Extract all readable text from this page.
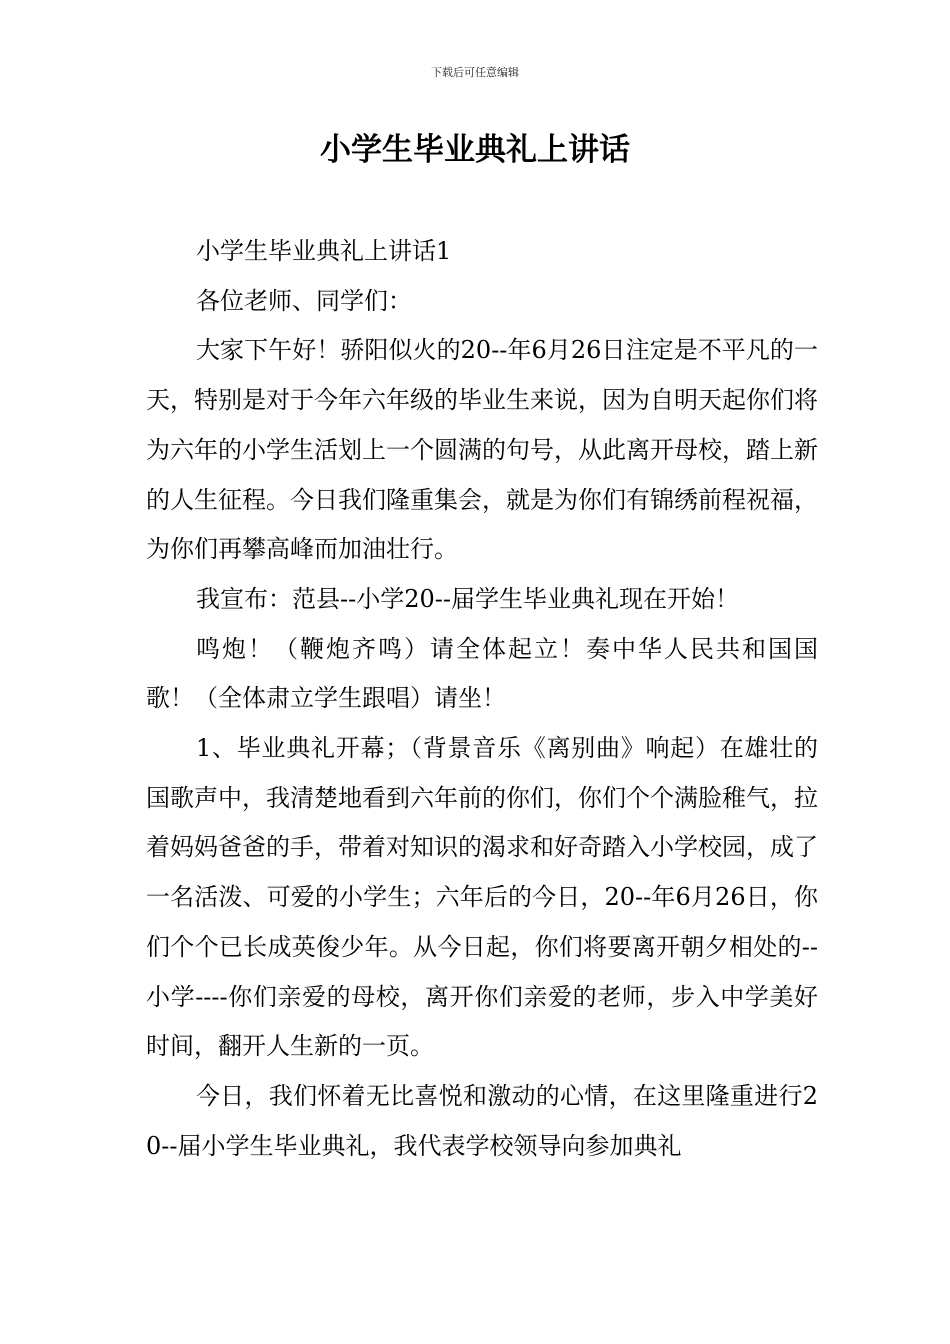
下载后可任意编辑
小学生毕业典礼上讲话

小学生毕业典礼上讲话1

各位老师、同学们：

大家下午好！骄阳似火的20--年6月26日注定是不平凡的一天，特别是对于今年六年级的毕业生来说，因为自明天起你们将为六年的小学生活划上一个圆满的句号，从此离开母校，踏上新的人生征程。今日我们隆重集会，就是为你们有锦绣前程祝福，为你们再攀高峰而加油壮行。

我宣布：范县--小学20--届学生毕业典礼现在开始！

鸣炮！（鞭炮齐鸣）请全体起立！奏中华人民共和国国歌！（全体肃立学生跟唱）请坐！

1、毕业典礼开幕；（背景音乐《离别曲》响起）在雄壮的国歌声中，我清楚地看到六年前的你们，你们个个满脸稚气，拉着妈妈爸爸的手，带着对知识的渴求和好奇踏入小学校园，成了一名活泼、可爱的小学生；六年后的今日，20--年6月26日，你们个个已长成英俊少年。从今日起，你们将要离开朝夕相处的--小学----你们亲爱的母校，离开你们亲爱的老师，步入中学美好时间，翻开人生新的一页。

今日，我们怀着无比喜悦和激动的心情，在这里隆重进行20--届小学生毕业典礼，我代表学校领导向参加典礼
